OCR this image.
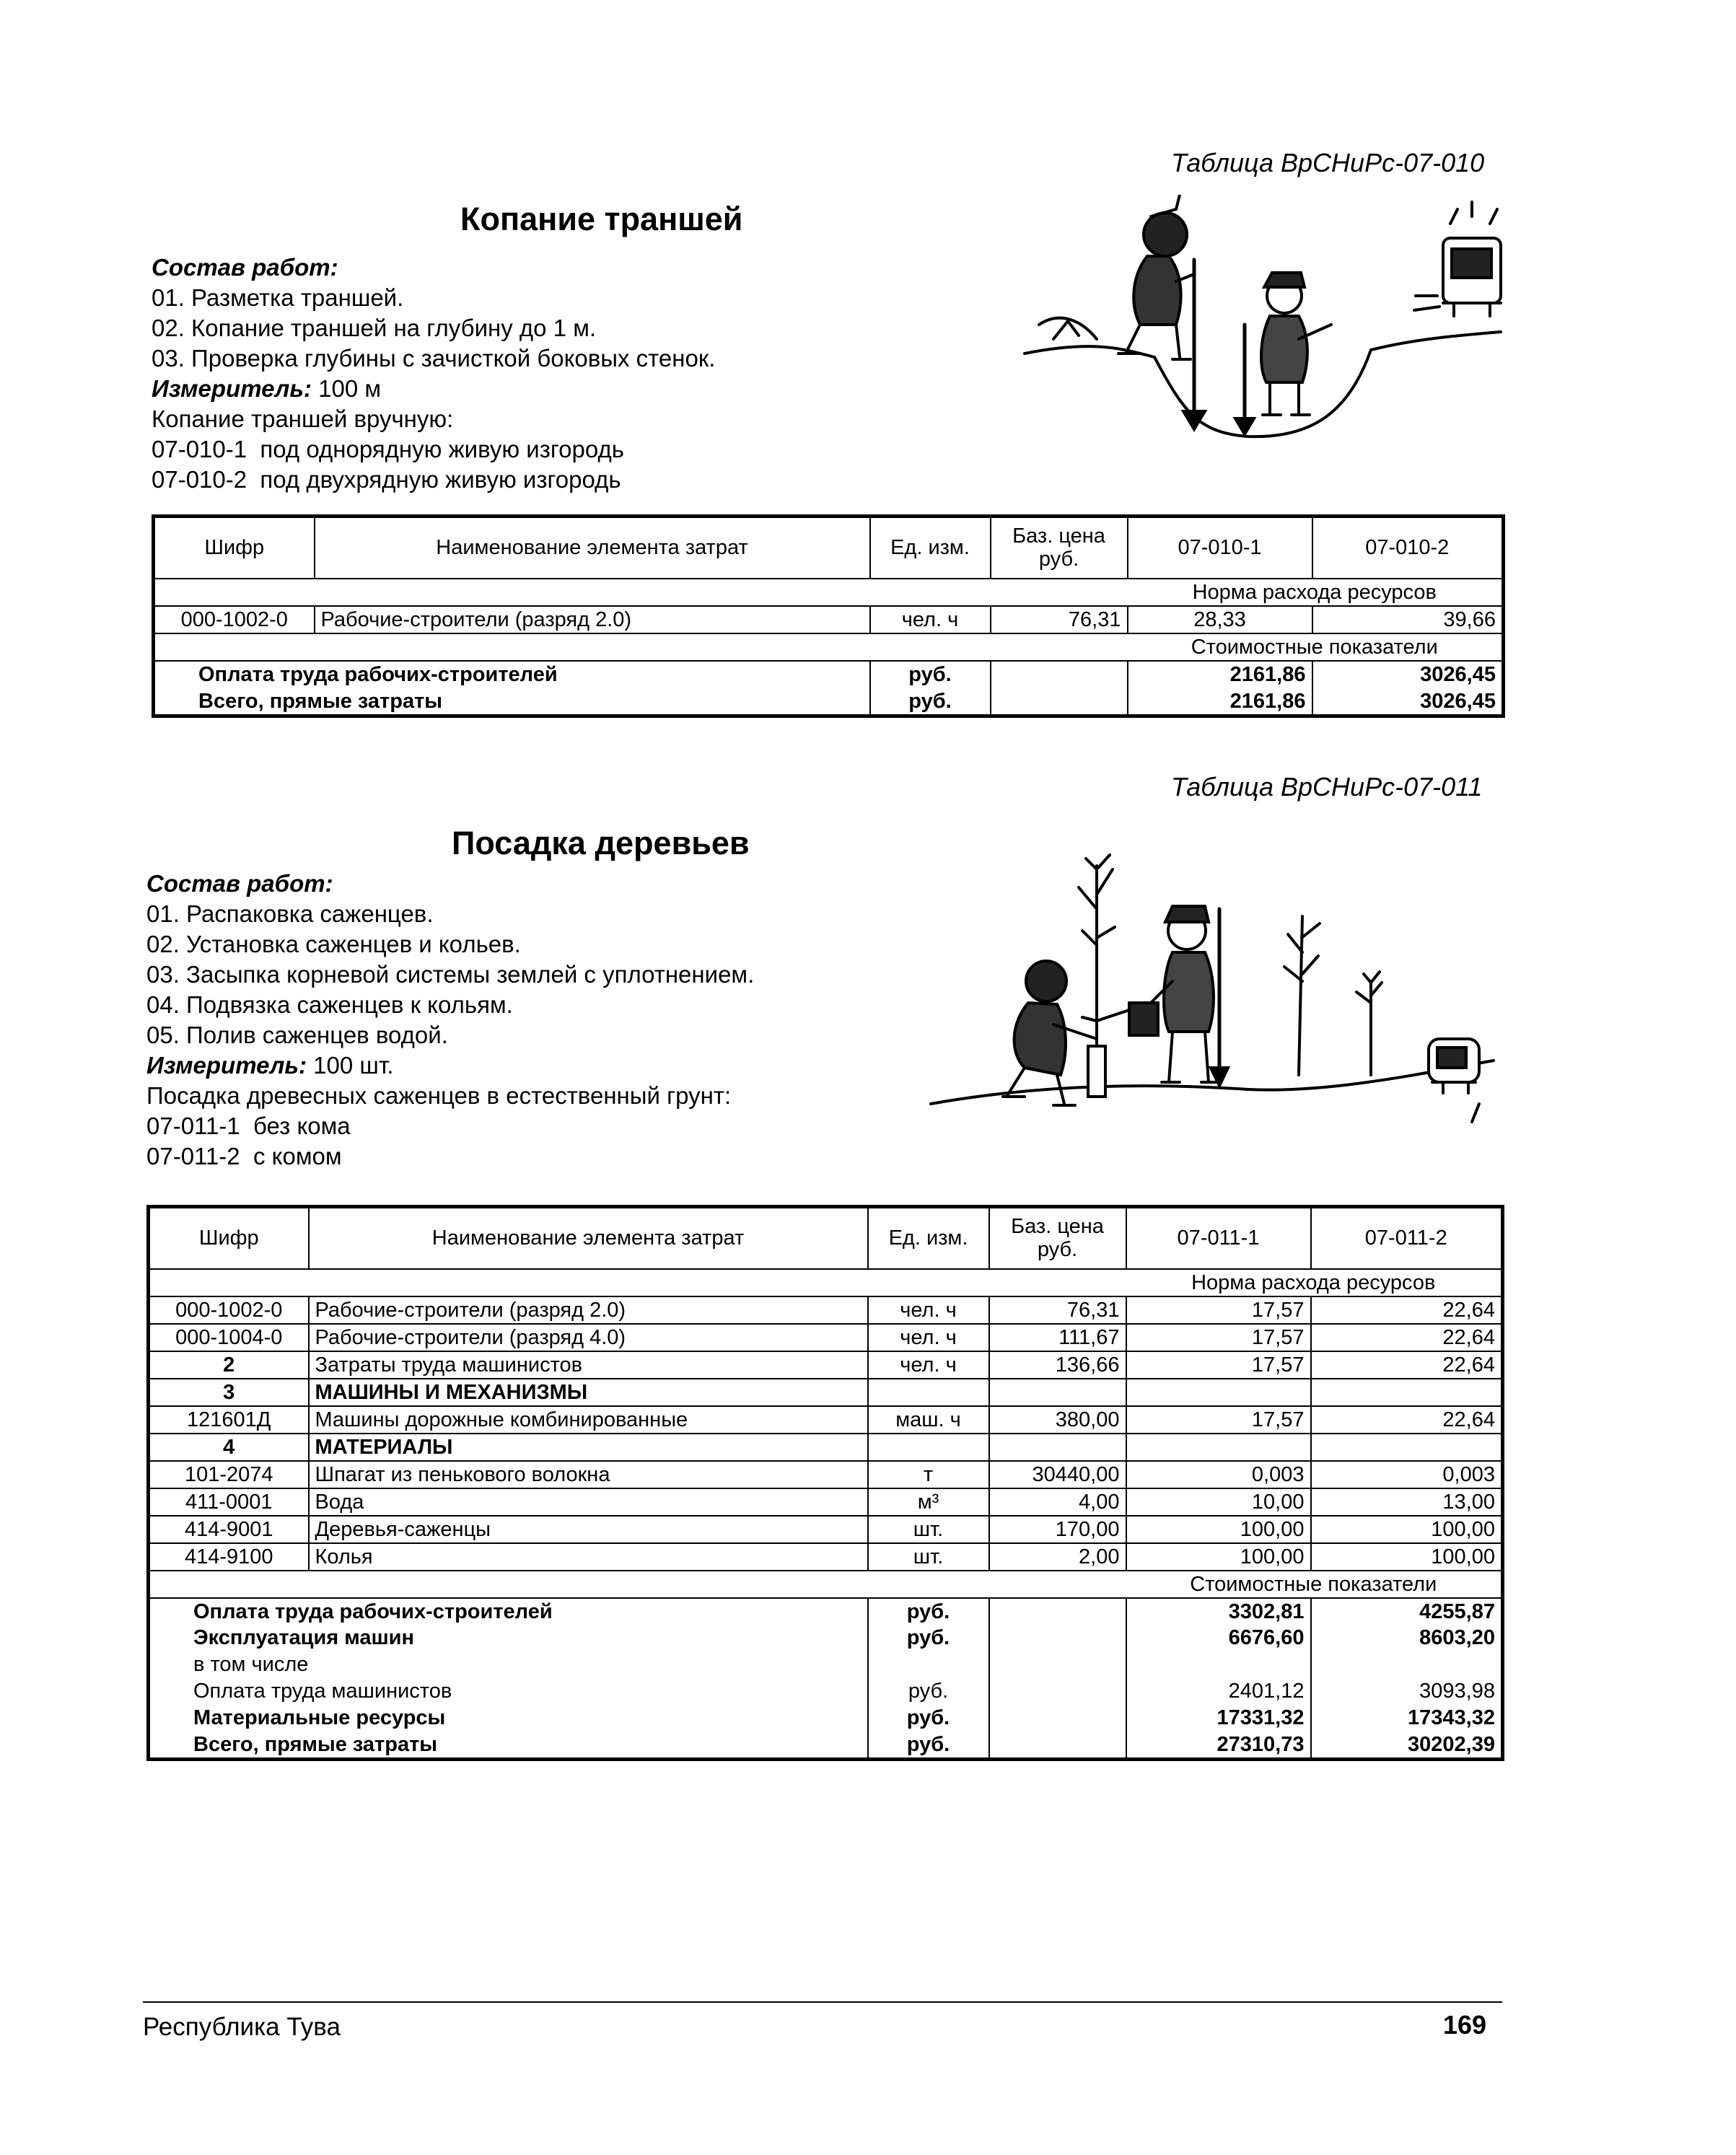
Таблица ВрСНиРс-07-010
Копание траншей
Состав работ:
01. Разметка траншей.
02. Копание траншей на глубину до 1 м.
03. Проверка глубины с зачисткой боковых стенок.
Измеритель: 100 м
Копание траншей вручную:
07-010-1  под однорядную живую изгородь
07-010-2  под двухрядную живую изгородь
Шифр	Наименование элемента затрат	Ед. изм.	Баз. цена руб.	07-010-1	07-010-2
				Норма расхода ресурсов	
000-1002-0	Рабочие-строители (разряд 2.0)	чел. ч	76,31	28,33	39,66
				Стоимостные показатели	
Оплата труда рабочих-строителей		руб.		2161,86	3026,45
Всего, прямые затраты		руб.		2161,86	3026,45
Таблица ВрСНиРс-07-011
Посадка деревьев
Состав работ:
01. Распаковка саженцев.
02. Установка саженцев и кольев.
03. Засыпка корневой системы землей с уплотнением.
04. Подвязка саженцев к кольям.
05. Полив саженцев водой.
Измеритель: 100 шт.
Посадка древесных саженцев в естественный грунт:
07-011-1  без кома
07-011-2  с комом
Шифр	Наименование элемента затрат	Ед. изм.	Баз. цена руб.	07-011-1	07-011-2
				Норма расхода ресурсов	
000-1002-0	Рабочие-строители (разряд 2.0)	чел. ч	76,31	17,57	22,64
000-1004-0	Рабочие-строители (разряд 4.0)	чел. ч	111,67	17,57	22,64
2	Затраты труда машинистов	чел. ч	136,66	17,57	22,64
3	МАШИНЫ И МЕХАНИЗМЫ				
121601Д	Машины дорожные комбинированные	маш. ч	380,00	17,57	22,64
4	МАТЕРИАЛЫ				
101-2074	Шпагат из пенькового волокна	т	30440,00	0,003	0,003
411-0001	Вода	м³	4,00	10,00	13,00
414-9001	Деревья-саженцы	шт.	170,00	100,00	100,00
414-9100	Колья	шт.	2,00	100,00	100,00
				Стоимостные показатели	
Оплата труда рабочих-строителей		руб.		3302,81	4255,87
Эксплуатация машин		руб.		6676,60	8603,20
в том числе					
Оплата труда машинистов		руб.		2401,12	3093,98
Материальные ресурсы		руб.		17331,32	17343,32
Всего, прямые затраты		руб.		27310,73	30202,39
Республика Тува	169
